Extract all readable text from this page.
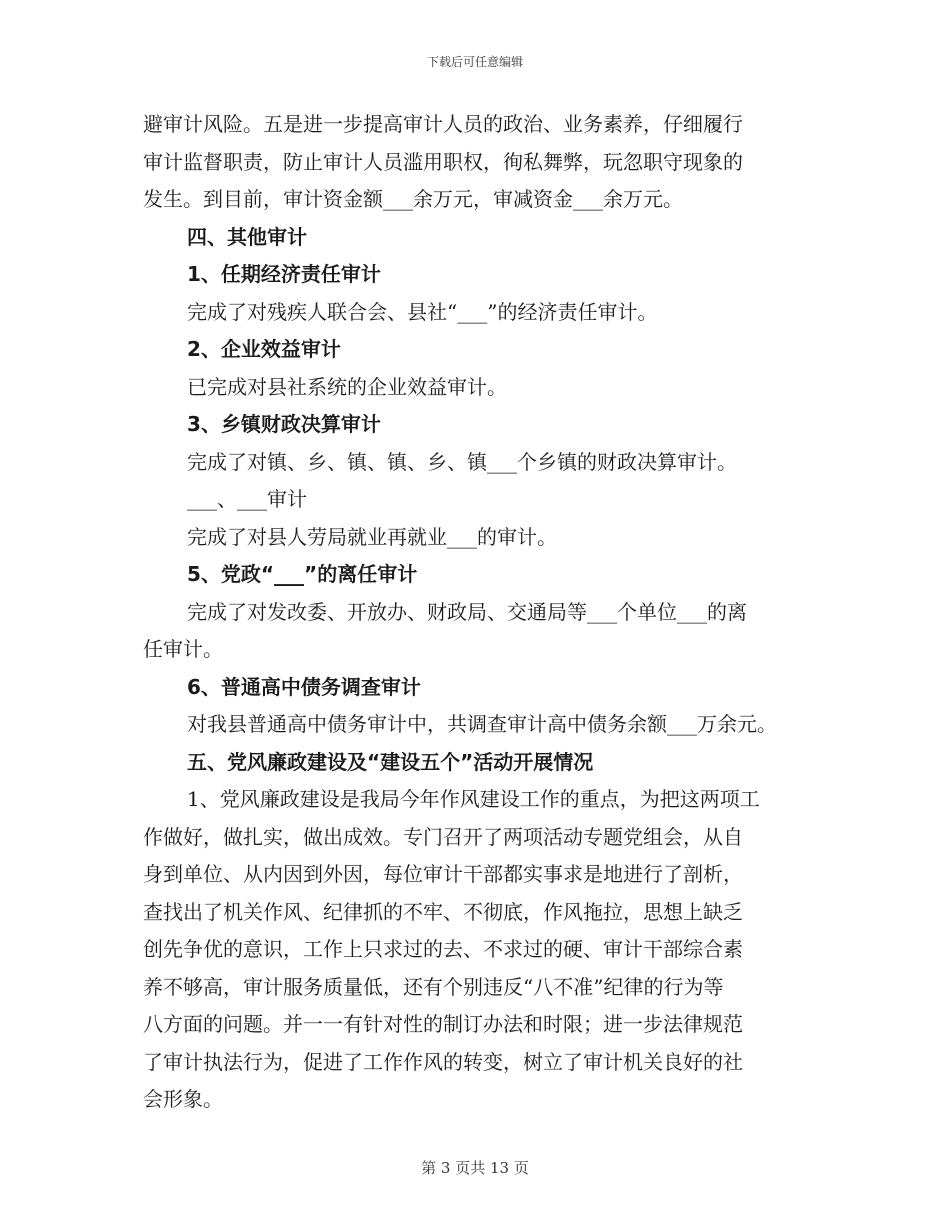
下载后可任意编辑
避审计风险。五是进一步提高审计人员的政治、业务素养，仔细履行
审计监督职责，防止审计人员滥用职权，徇私舞弊，玩忽职守现象的
发生。到目前，审计资金额___余万元，审减资金___余万元。
四、其他审计
1、任期经济责任审计
完成了对残疾人联合会、县社“___”的经济责任审计。
2、企业效益审计
已完成对县社系统的企业效益审计。
3、乡镇财政决算审计
完成了对镇、乡、镇、镇、乡、镇___个乡镇的财政决算审计。
___、___审计
完成了对县人劳局就业再就业___的审计。
5、党政“___”的离任审计
完成了对发改委、开放办、财政局、交通局等___个单位___的离
任审计。
6、普通高中债务调查审计
对我县普通高中债务审计中，共调查审计高中债务余额___万余元。
五、党风廉政建设及“建设五个”活动开展情况
1、党风廉政建设是我局今年作风建设工作的重点，为把这两项工
作做好，做扎实，做出成效。专门召开了两项活动专题党组会，从自
身到单位、从内因到外因，每位审计干部都实事求是地进行了剖析，
查找出了机关作风、纪律抓的不牢、不彻底，作风拖拉，思想上缺乏
创先争优的意识，工作上只求过的去、不求过的硬、审计干部综合素
养不够高，审计服务质量低，还有个别违反“八不准”纪律的行为等
八方面的问题。并一一有针对性的制订办法和时限；进一步法律规范
了审计执法行为，促进了工作作风的转变，树立了审计机关良好的社
会形象。
第 3 页共 13 页
